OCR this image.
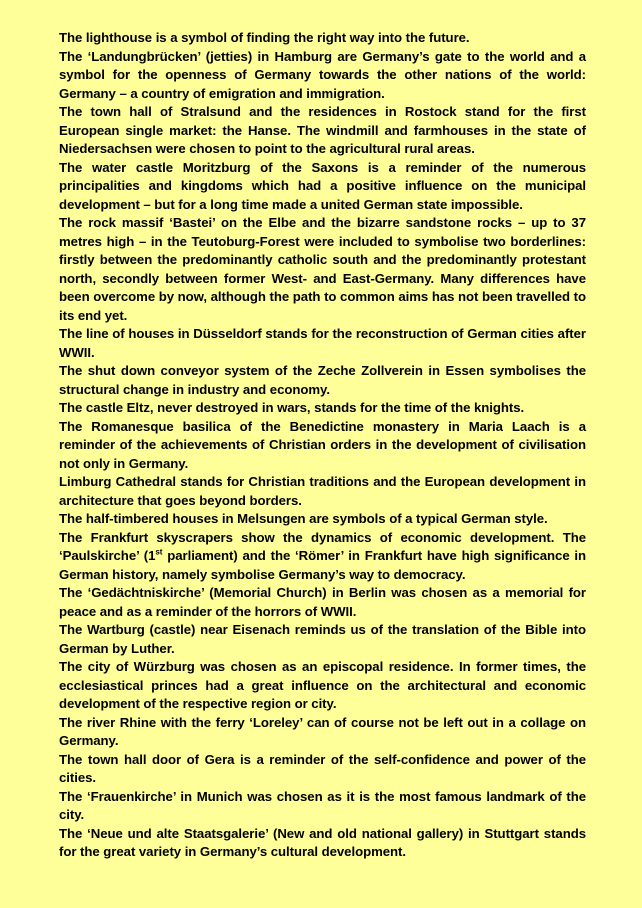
The lighthouse is a symbol of finding the right way into the future.

The ‘Landungbrücken’ (jetties) in Hamburg are Germany’s gate to the world and a symbol for the openness of Germany towards the other nations of the world: Germany – a country of emigration and immigration.

The town hall of Stralsund and the residences in Rostock stand for the first European single market: the Hanse. The windmill and farmhouses in the state of Niedersachsen were chosen to point to the agricultural rural areas.

The water castle Moritzburg of the Saxons is a reminder of the numerous principalities and kingdoms which had a positive influence on the municipal development – but for a long time made a united German state impossible.

The rock massif ‘Bastei’ on the Elbe and the bizarre sandstone rocks – up to 37 metres high – in the Teutoburg-Forest were included to symbolise two borderlines: firstly between the predominantly catholic south and the predominantly protestant north, secondly between former West- and East-Germany. Many differences have been overcome by now, although the path to common aims has not been travelled to its end yet.

The line of houses in Düsseldorf stands for the reconstruction of German cities after WWII.

The shut down conveyor system of the Zeche Zollverein in Essen symbolises the structural change in industry and economy.

The castle Eltz, never destroyed in wars, stands for the time of the knights.

The Romanesque basilica of the Benedictine monastery in Maria Laach is a reminder of the achievements of Christian orders in the development of civilisation not only in Germany.

Limburg Cathedral stands for Christian traditions and the European development in architecture that goes beyond borders.

The half-timbered houses in Melsungen are symbols of a typical German style.

The Frankfurt skyscrapers show the dynamics of economic development. The ‘Paulskirche’ (1st parliament) and the ‘Römer’ in Frankfurt have high significance in German history, namely symbolise Germany’s way to democracy.

The ‘Gedächtniskirche’ (Memorial Church) in Berlin was chosen as a memorial for peace and as a reminder of the horrors of WWII.

The Wartburg (castle) near Eisenach reminds us of the translation of the Bible into German by Luther.

The city of Würzburg was chosen as an episcopal residence. In former times, the ecclesiastical princes had a great influence on the architectural and economic development of the respective region or city.

The river Rhine with the ferry ‘Loreley’ can of course not be left out in a collage on Germany.

The town hall door of Gera is a reminder of the self-confidence and power of the cities.

The ‘Frauenkirche’ in Munich was chosen as it is the most famous landmark of the city.

The ‘Neue und alte Staatsgalerie’ (New and old national gallery) in Stuttgart stands for the great variety in Germany’s cultural development.
